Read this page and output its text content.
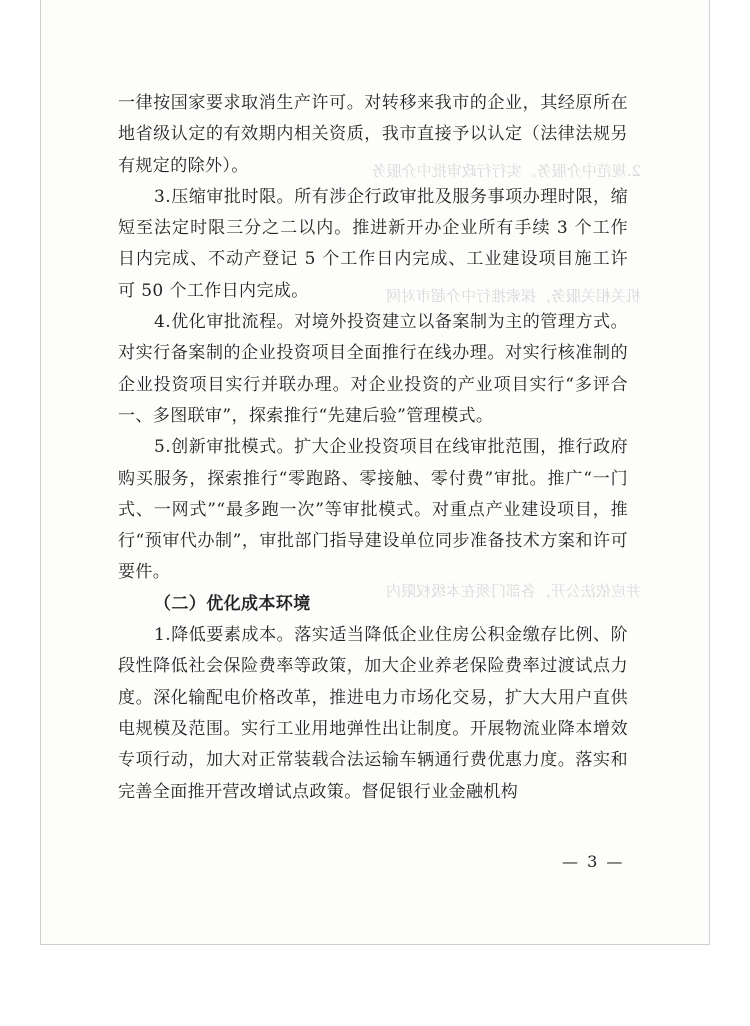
2.规范中介服务。实行行政审批中介服务
机关相关服务，探索推行中介超市对网
并应依法公开，各部门须在本级权限内

一律按国家要求取消生产许可。对转移来我市的企业，其经原所在地省级认定的有效期内相关资质，我市直接予以认定（法律法规另有规定的除外）。

3.压缩审批时限。所有涉企行政审批及服务事项办理时限，缩短至法定时限三分之二以内。推进新开办企业所有手续 3 个工作日内完成、不动产登记 5 个工作日内完成、工业建设项目施工许可 50 个工作日内完成。

4.优化审批流程。对境外投资建立以备案制为主的管理方式。对实行备案制的企业投资项目全面推行在线办理。对实行核准制的企业投资项目实行并联办理。对企业投资的产业项目实行“多评合一、多图联审”，探索推行“先建后验”管理模式。

5.创新审批模式。扩大企业投资项目在线审批范围，推行政府购买服务，探索推行“零跑路、零接触、零付费”审批。推广“一门式、一网式”“最多跑一次”等审批模式。对重点产业建设项目，推行“预审代办制”，审批部门指导建设单位同步准备技术方案和许可要件。

（二）优化成本环境

1.降低要素成本。落实适当降低企业住房公积金缴存比例、阶段性降低社会保险费率等政策，加大企业养老保险费率过渡试点力度。深化输配电价格改革，推进电力市场化交易，扩大大用户直供电规模及范围。实行工业用地弹性出让制度。开展物流业降本增效专项行动，加大对正常装载合法运输车辆通行费优惠力度。落实和完善全面推开营改增试点政策。督促银行业金融机构

— 3 —
